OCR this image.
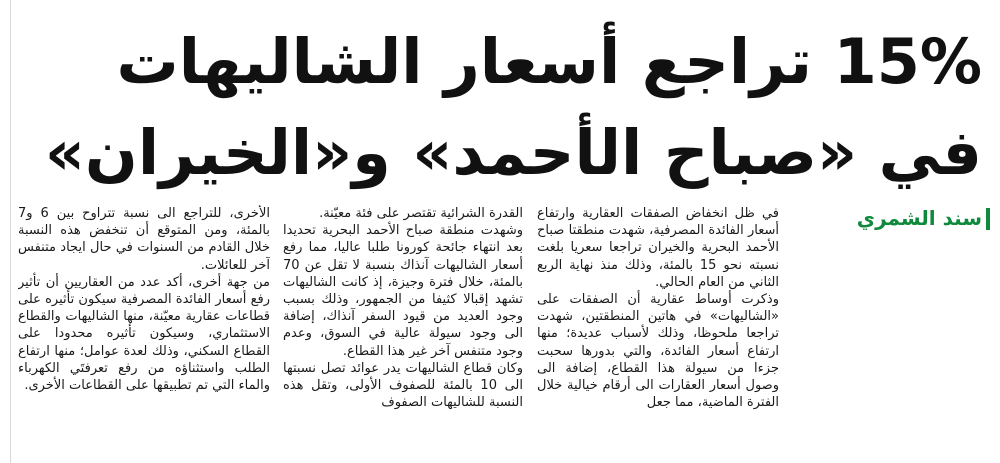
15% تراجع أسعار الشاليهات
في «صباح الأحمد» و«الخيران»
سند الشمري

في ظل انخفاض الصفقات العقارية وارتفاع أسعار الفائدة المصرفية، شهدت منطقتا صباح الأحمد البحرية والخيران تراجعا سعريا بلغت نسبته نحو 15 بالمئة، وذلك منذ نهاية الربع الثاني من العام الحالي.

وذكرت أوساط عقارية أن الصفقات على «الشاليهات» في هاتين المنطقتين، شهدت تراجعا ملحوظا، وذلك لأسباب عديدة؛ منها ارتفاع أسعار الفائدة، والتي بدورها سحبت جزءا من سيولة هذا القطاع، إضافة الى وصول أسعار العقارات الى أرقام خيالية خلال الفترة الماضية، مما جعل

القدرة الشرائية تقتصر على فئة معيّنة.

وشهدت منطقة صباح الأحمد البحرية تحديدا بعد انتهاء جائحة كورونا طلبا عاليا، مما رفع أسعار الشاليهات آنذاك بنسبة لا تقل عن 70 بالمئة، خلال فترة وجيزة، إذ كانت الشاليهات تشهد إقبالا كثيفا من الجمهور، وذلك بسبب وجود العديد من قيود السفر آنذاك، إضافة الى وجود سيولة عالية في السوق، وعدم وجود متنفس آخر غير هذا القطاع.

وكان قطاع الشاليهات يدر عوائد تصل نسبتها الى 10 بالمئة للصفوف الأولى، وتقل هذه النسبة للشاليهات الصفوف

الأخرى، للتراجع الى نسبة تتراوح بين 6 و7 بالمئة، ومن المتوقع أن تنخفض هذه النسبة خلال القادم من السنوات في حال ايجاد متنفس آخر للعائلات.

من جهة أخرى، أكد عدد من العقاريين أن تأثير رفع أسعار الفائدة المصرفية سيكون تأثيره على قطاعات عقارية معيّنة، منها الشاليهات والقطاع الاستثماري، وسيكون تأثيره محدودا على القطاع السكني، وذلك لعدة عوامل؛ منها ارتفاع الطلب واستثناؤه من رفع تعرفتَي الكهرباء والماء التي تم تطبيقها على القطاعات الأخرى.
